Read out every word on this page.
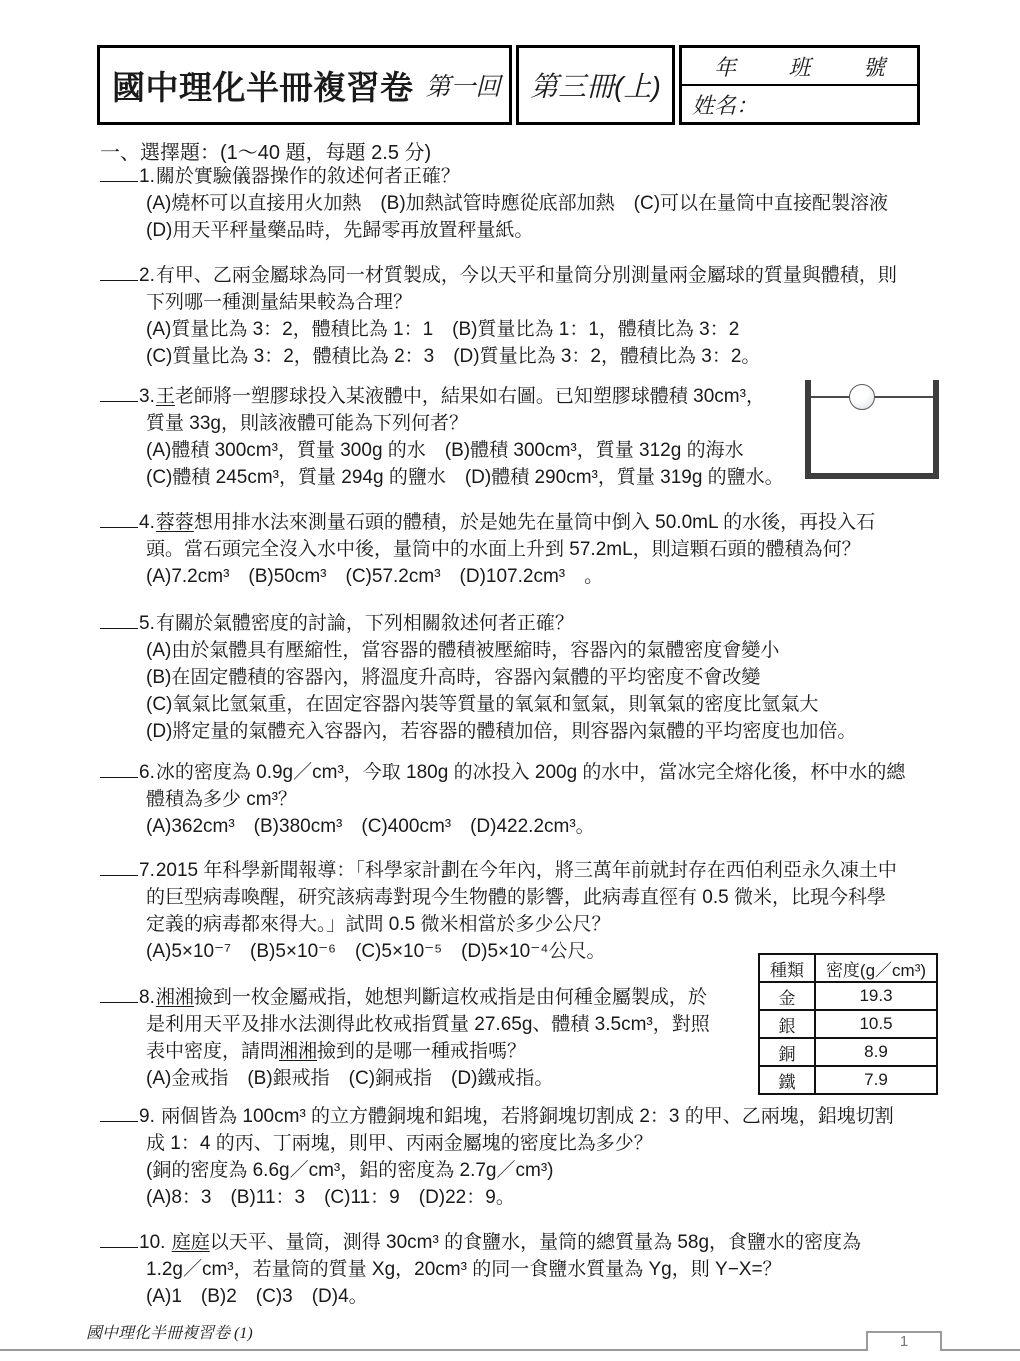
國中理化半冊複習卷 第一回 第三冊(上)
年 班 號
姓名：
一、選擇題：(1～40 題，每題 2.5 分)
1.關於實驗儀器操作的敘述何者正確？
(A)燒杯可以直接用火加熱　(B)加熱試管時應從底部加熱　(C)可以在量筒中直接配製溶液
(D)用天平秤量藥品時，先歸零再放置秤量紙。
2.有甲、乙兩金屬球為同一材質製成，今以天平和量筒分別測量兩金屬球的質量與體積，則
下列哪一種測量結果較為合理？
(A)質量比為 3：2，體積比為 1：1　(B)質量比為 1：1，體積比為 3：2
(C)質量比為 3：2，體積比為 2：3　(D)質量比為 3：2，體積比為 3：2。
3.王老師將一塑膠球投入某液體中，結果如右圖。已知塑膠球體積 30cm³，
質量 33g，則該液體可能為下列何者？
(A)體積 300cm³，質量 300g 的水　(B)體積 300cm³，質量 312g 的海水
(C)體積 245cm³，質量 294g 的鹽水　(D)體積 290cm³，質量 319g 的鹽水。
4.蓉蓉想用排水法來測量石頭的體積，於是她先在量筒中倒入 50.0mL 的水後，再投入石
頭。當石頭完全沒入水中後，量筒中的水面上升到 57.2mL，則這顆石頭的體積為何？
(A)7.2cm³　(B)50cm³　(C)57.2cm³　(D)107.2cm³　。
5.有關於氣體密度的討論，下列相關敘述何者正確？
(A)由於氣體具有壓縮性，當容器的體積被壓縮時，容器內的氣體密度會變小
(B)在固定體積的容器內，將溫度升高時，容器內氣體的平均密度不會改變
(C)氧氣比氫氣重，在固定容器內裝等質量的氧氣和氫氣，則氧氣的密度比氫氣大
(D)將定量的氣體充入容器內，若容器的體積加倍，則容器內氣體的平均密度也加倍。
6.冰的密度為 0.9g／cm³，今取 180g 的冰投入 200g 的水中，當冰完全熔化後，杯中水的總
體積為多少 cm³？
(A)362cm³　(B)380cm³　(C)400cm³　(D)422.2cm³。
7.2015 年科學新聞報導：「科學家計劃在今年內，將三萬年前就封存在西伯利亞永久凍土中
的巨型病毒喚醒，研究該病毒對現今生物體的影響，此病毒直徑有 0.5 微米，比現今科學
定義的病毒都來得大。」試問 0.5 微米相當於多少公尺？
(A)5×10⁻⁷　(B)5×10⁻⁶　(C)5×10⁻⁵　(D)5×10⁻⁴公尺。
8.湘湘撿到一枚金屬戒指，她想判斷這枚戒指是由何種金屬製成，於
是利用天平及排水法測得此枚戒指質量 27.65g、體積 3.5cm³，對照
表中密度，請問湘湘撿到的是哪一種戒指嗎？
(A)金戒指　(B)銀戒指　(C)銅戒指　(D)鐵戒指。
9. 兩個皆為 100cm³ 的立方體銅塊和鋁塊，若將銅塊切割成 2：3 的甲、乙兩塊，鋁塊切割
成 1：4 的丙、丁兩塊，則甲、丙兩金屬塊的密度比為多少？
(銅的密度為 6.6g／cm³，鋁的密度為 2.7g／cm³)
(A)8：3　(B)11：3　(C)11：9　(D)22：9。
10. 庭庭以天平、量筒，測得 30cm³ 的食鹽水，量筒的總質量為 58g，食鹽水的密度為
1.2g／cm³，若量筒的質量 Xg，20cm³ 的同一食鹽水質量為 Yg，則 Y−X=？
(A)1　(B)2　(C)3　(D)4。
種類	密度(g／cm³)
金	19.3
銀	10.5
銅	8.9
鐵	7.9
國中理化半冊複習卷 (1)	1
